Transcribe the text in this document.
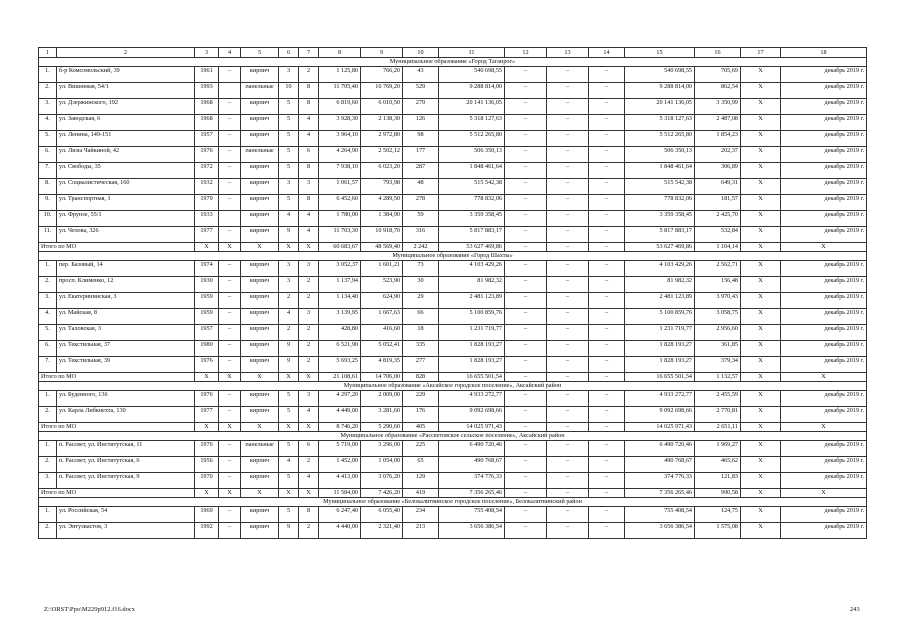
1	2	3	4	5	6	7	8	9	10	11	12	13	14	15	16	17	18
Муниципальное образование «Город Таганрог»																	
1.	б-р Комсомольский, 39	1961	–	кирпич	3	2	1 125,80	766,20	43	540 698,55	–	–	–	540 698,55	705,69	Х	декабрь 2019 г.
2.	ул. Вишневая, 54/1	1993		панельные	10	8	11 705,40	10 769,20	529	9 288 814,00	–	–	–	9 288 814,00	862,54	Х	декабрь 2019 г.
3.	ул. Дзержинского, 192	1968	–	кирпич	5	8	6 819,60	6 010,50	279	20 141 136,05	–	–	–	20 141 136,05	3 350,99	Х	декабрь 2019 г.
4.	ул. Заводская, 6	1968	–	кирпич	5	4	3 928,30	2 138,30	126	5 318 127,63	–	–	–	5 318 127,63	2 487,08	Х	декабрь 2019 г.
5.	ул. Ленина, 149-151	1957	–	кирпич	5	4	3 964,10	2 972,80	98	5 512 265,80	–	–	–	5 512 265,80	1 854,23	Х	декабрь 2019 г.
6.	ул. Лизы Чайкиной, 42	1976	–	панельные	5	6	4 264,90	2 502,12	177	506 350,13	–	–	–	506 350,13	202,37	Х	декабрь 2019 г.
7.	ул. Свободы, 35	1972	–	кирпич	5	8	7 938,10	6 023,20	287	1 848 461,64	–	–	–	1 848 461,64	306,89	Х	декабрь 2019 г.
8.	ул. Социалистическая, 160	1932	–	кирпич	3	3	1 061,57	793,98	48	515 542,38	–	–	–	515 542,38	649,31	Х	декабрь 2019 г.
9.	ул. Транспортная, 1	1979	–	кирпич	5	8	6 452,60	4 289,50	278	778 832,06	–	–	–	778 832,06	181,57	Х	декабрь 2019 г.
10.	ул. Фрунзе, 55/1	1933		кирпич	4	4	1 780,00	1 384,90	59	3 359 358,45	–	–	–	3 359 358,45	2 425,70	Х	декабрь 2019 г.
11.	ул. Чехова, 326	1977	–	кирпич	9	4	11 703,30	10 918,70	316	5 817 883,17	–	–	–	5 817 883,17	532,84	Х	декабрь 2019 г.
Итого по МО		Х	Х	Х	Х	Х	60 683,67	48 569,40	2 242	53 627 469,86	–	–	–	53 627 469,86	1 104,14	Х	Х
Муниципальное образование «Город Шахты»																	
1.	пер. Базовый, 14	1974	–	кирпич	3	3	3 052,37	1 601,21	73	4 103 429,26	–	–	–	4 103 429,26	2 562,71	Х	декабрь 2019 г.
2.	просп. Клименко, 12	1930	–	кирпич	3	2	1 137,94	523,90	30	81 982,32	–	–	–	81 982,32	156,48	Х	декабрь 2019 г.
3.	ул. Екатерининская, 3	1959	–	кирпич	2	2	1 134,40	624,90	29	2 481 123,89	–	–	–	2 481 123,89	3 970,43	Х	декабрь 2019 г.
4.	ул. Майская, 8	1959	–	кирпич	4	3	3 139,95	1 667,63	66	5 100 859,76	–	–	–	5 100 859,76	3 058,75	Х	декабрь 2019 г.
5.	ул. Таловская, 3	1957	–	кирпич	2	2	428,80	416,60	18	1 231 719,77	–	–	–	1 231 719,77	2 956,60	Х	декабрь 2019 г.
6.	ул. Текстильная, 37	1980	–	кирпич	9	2	6 521,90	5 052,41	335	1 828 193,27	–	–	–	1 828 193,27	361,85	Х	декабрь 2019 г.
7.	ул. Текстильная, 39	1976	–	кирпич	9	2	5 693,25	4 819,35	277	1 828 193,27	–	–	–	1 828 193,27	379,34	Х	декабрь 2019 г.
Итого по МО		Х	Х	Х	Х	Х	21 108,61	14 706,00	828	16 655 501,54	–	–	–	16 655 501,54	1 132,57	Х	Х
Муниципальное образование «Аксайское городское поселение», Аксайский район																	
1.	ул. Буденного, 136	1976	–	кирпич	5	3	4 297,20	2 009,00	229	4 933 272,77	–	–	–	4 933 272,77	2 455,59	Х	декабрь 2019 г.
2.	ул. Карла Либкнехта, 130	1977	–	кирпич	5	4	4 449,00	3 281,60	176	9 092 698,66	–	–	–	9 092 698,66	2 770,81	Х	декабрь 2019 г.
Итого по МО		Х	Х	Х	Х	Х	8 746,20	5 290,60	405	14 025 971,43	–	–	–	14 025 971,43	2 651,11	Х	Х
Муниципальное образование «Рассветовское сельское поселение», Аксайский район																	
1.	п. Рассвет, ул. Институтская, 11	1976	–	панельные	5	6	5 719,00	3 296,00	225	6 490 720,46	–	–	–	6 490 720,46	1 969,27	Х	декабрь 2019 г.
2.	п. Рассвет, ул. Институтская, 6	1956	–	кирпич	4	2	1 452,00	1 054,00	65	490 768,67	–	–	–	490 768,67	465,62	Х	декабрь 2019 г.
3.	п. Рассвет, ул. Институтская, 9	1970	–	кирпич	5	4	4 413,00	3 076,20	129	374 776,33	–	–	–	374 776,33	121,83	Х	декабрь 2019 г.
Итого по МО		Х	Х	Х	Х	Х	11 584,00	7 426,20	419	7 356 265,46	–	–	–	7 356 265,46	990,58	Х	Х
Муниципальное образование «Белокалитвинское городское поселение», Белокалитвинский район																	
1.	ул. Российская, 54	1969	–	кирпич	5	8	6 247,40	6 055,40	234	755 408,54	–	–	–	755 408,54	124,75	Х	декабрь 2019 г.
2.	ул. Энтузиастов, 3	1992	–	кирпич	9	2	4 440,00	2 321,40	213	3 656 386,54	–	–	–	3 656 386,54	1 575,08	Х	декабрь 2019 г.
Z:\ORST\Ppo\M229p912.f16.docx	243
